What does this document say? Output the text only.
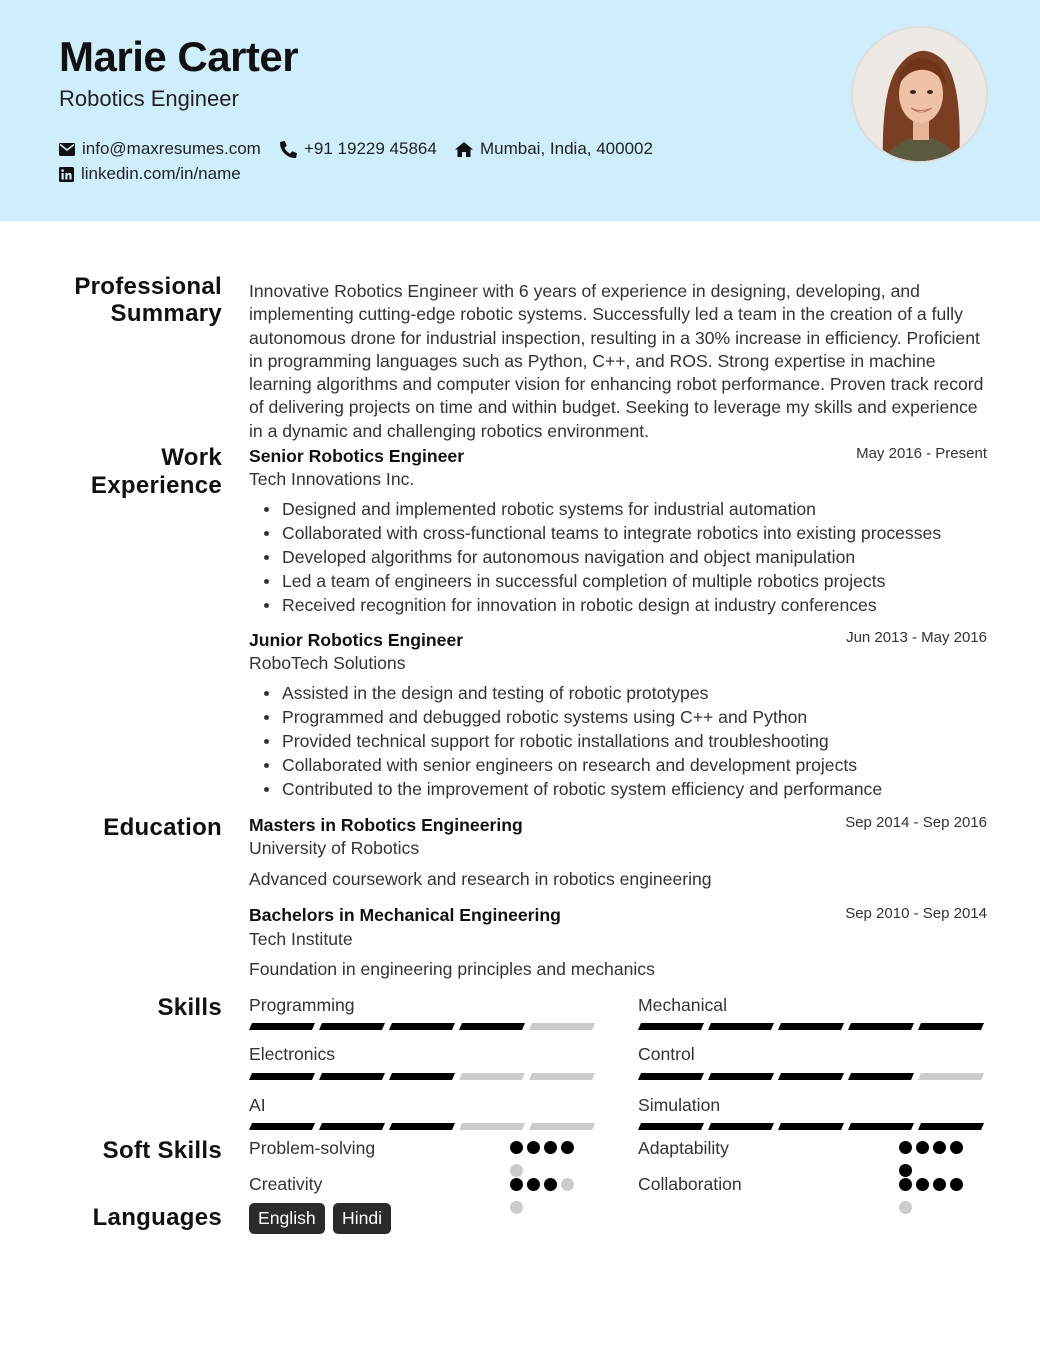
Marie Carter
Robotics Engineer
info@maxresumes.com	+91 19229 45864	Mumbai, India, 400002
linkedin.com/in/name
Professional
Summary
Work
Experience
Education
Skills
Soft Skills
Languages
Innovative Robotics Engineer with 6 years of experience in designing, developing, and implementing cutting-edge robotic systems. Successfully led a team in the creation of a fully autonomous drone for industrial inspection, resulting in a 30% increase in efficiency. Proficient in programming languages such as Python, C++, and ROS. Strong expertise in machine learning algorithms and computer vision for enhancing robot performance. Proven track record of delivering projects on time and within budget. Seeking to leverage my skills and experience in a dynamic and challenging robotics environment.
Senior Robotics Engineer	May 2016 - Present
Tech Innovations Inc.
Designed and implemented robotic systems for industrial automation
Collaborated with cross-functional teams to integrate robotics into existing processes
Developed algorithms for autonomous navigation and object manipulation
Led a team of engineers in successful completion of multiple robotics projects
Received recognition for innovation in robotic design at industry conferences
Junior Robotics Engineer	Jun 2013 - May 2016
RoboTech Solutions
Assisted in the design and testing of robotic prototypes
Programmed and debugged robotic systems using C++ and Python
Provided technical support for robotic installations and troubleshooting
Collaborated with senior engineers on research and development projects
Contributed to the improvement of robotic system efficiency and performance
Masters in Robotics Engineering	Sep 2014 - Sep 2016
University of Robotics
Advanced coursework and research in robotics engineering
Bachelors in Mechanical Engineering	Sep 2010 - Sep 2014
Tech Institute
Foundation in engineering principles and mechanics
Programming	Mechanical
Electronics	Control
AI	Simulation
Problem-solving	Adaptability
Creativity	Collaboration
English	Hindi
